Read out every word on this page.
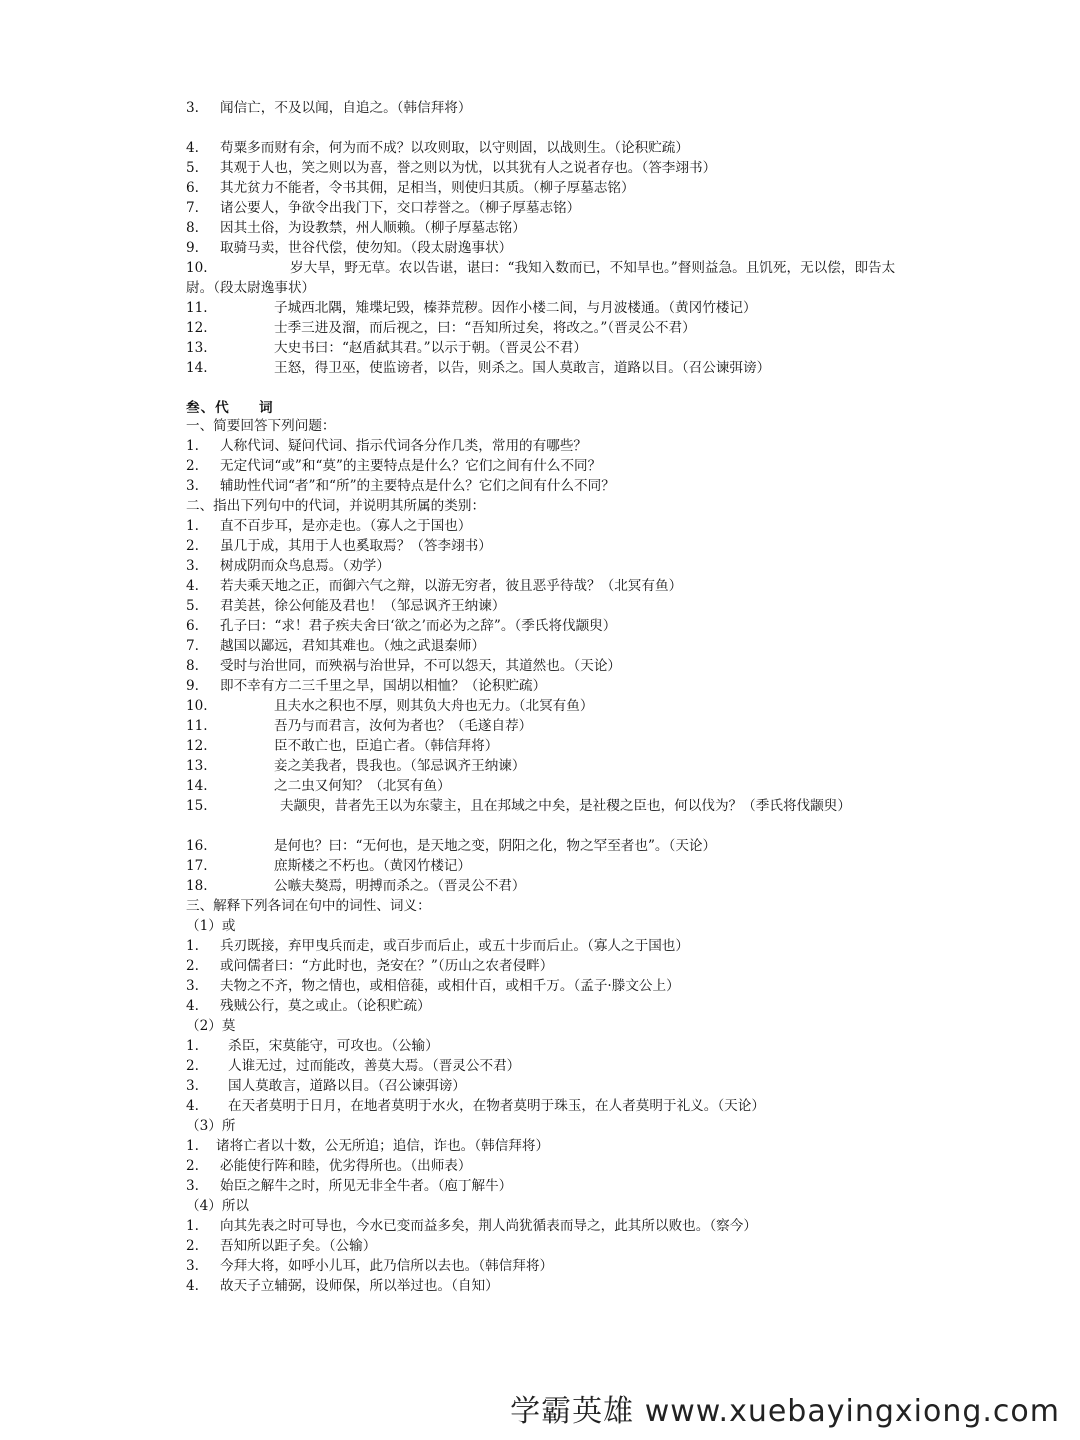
3. 闻信亡，不及以闻，自追之。（韩信拜将）
4. 苟粟多而财有余，何为而不成？以攻则取，以守则固，以战则生。（论积贮疏）
5. 其观于人也，笑之则以为喜，誉之则以为忧，以其犹有人之说者存也。（答李翊书）
6. 其尤贫力不能者，令书其佣，足相当，则使归其质。（柳子厚墓志铭）
7. 诸公要人，争欲令出我门下，交口荐誉之。（柳子厚墓志铭）
8. 因其土俗，为设教禁，州人顺赖。（柳子厚墓志铭）
9. 取骑马卖，世谷代偿，使勿知。（段太尉逸事状）
10.	岁大旱，野无草。农以告谌，谌曰：“我知入数而已，不知旱也。”督则益急。且饥死，无以偿，即告太尉。（段太尉逸事状）
11.	子城西北隅，雉堞圮毁，榛莽荒秽。因作小楼二间，与月波楼通。（黄冈竹楼记）
12.	士季三进及溜，而后视之，曰：“吾知所过矣，将改之。”（晋灵公不君）
13.	大史书曰：“赵盾弑其君。”以示于朝。（晋灵公不君）
14.	王怒，得卫巫，使监谤者，以告，则杀之。国人莫敢言，道路以目。（召公谏弭谤）
叁、代　　词
一、简要回答下列问题：
1. 人称代词、疑问代词、指示代词各分作几类，常用的有哪些？
2. 无定代词“或”和“莫”的主要特点是什么？它们之间有什么不同？
3. 辅助性代词“者”和“所”的主要特点是什么？它们之间有什么不同？
二、指出下列句中的代词，并说明其所属的类别：
1. 直不百步耳，是亦走也。（寡人之于国也）
2. 虽几于成，其用于人也奚取焉？（答李翊书）
3. 树成阴而众鸟息焉。（劝学）
4. 若夫乘天地之正，而御六气之辩，以游无穷者，彼且恶乎待哉？（北冥有鱼）
5. 君美甚，徐公何能及君也！（邹忌讽齐王纳谏）
6. 孔子曰：“求！君子疾夫舍曰‘欲之’而必为之辞”。（季氏将伐颛臾）
7. 越国以鄙远，君知其难也。（烛之武退秦师）
8. 受时与治世同，而殃祸与治世异，不可以怨天，其道然也。（天论）
9. 即不幸有方二三千里之旱，国胡以相恤？（论积贮疏）
10.	且夫水之积也不厚，则其负大舟也无力。（北冥有鱼）
11.	吾乃与而君言，汝何为者也？（毛遂自荐）
12.	臣不敢亡也，臣追亡者。（韩信拜将）
13.	妾之美我者，畏我也。（邹忌讽齐王纳谏）
14.	之二虫又何知？（北冥有鱼）
15.	夫颛臾，昔者先王以为东蒙主，且在邦域之中矣，是社稷之臣也，何以伐为？（季氏将伐颛臾）
16.	是何也？曰：“无何也，是天地之变，阴阳之化，物之罕至者也”。（天论）
17.	庶斯楼之不朽也。（黄冈竹楼记）
18.	公嗾夫獒焉，明搏而杀之。（晋灵公不君）
三、解释下列各词在句中的词性、词义：
（1）或
1. 兵刃既接，弃甲曳兵而走，或百步而后止，或五十步而后止。（寡人之于国也）
2. 或问儒者曰：“方此时也，尧安在？”（历山之农者侵畔）
3. 夫物之不齐，物之情也，或相倍蓰，或相什百，或相千万。（孟子·滕文公上）
4. 残贼公行，莫之或止。（论积贮疏）
（2）莫
1. 杀臣，宋莫能守，可攻也。（公输）
2. 人谁无过，过而能改，善莫大焉。（晋灵公不君）
3. 国人莫敢言，道路以目。（召公谏弭谤）
4. 在天者莫明于日月，在地者莫明于水火，在物者莫明于珠玉，在人者莫明于礼义。（天论）
（3）所
1. 诸将亡者以十数，公无所追；追信，诈也。（韩信拜将）
2. 必能使行阵和睦，优劣得所也。（出师表）
3. 始臣之解牛之时，所见无非全牛者。（庖丁解牛）
（4）所以
1. 向其先表之时可导也，今水已变而益多矣，荆人尚犹循表而导之，此其所以败也。（察今）
2. 吾知所以距子矣。（公输）
3. 今拜大将，如呼小儿耳，此乃信所以去也。（韩信拜将）
4. 故天子立辅弼，设师保，所以举过也。（自知）
学霸英雄 www.xuebayingxiong.com
